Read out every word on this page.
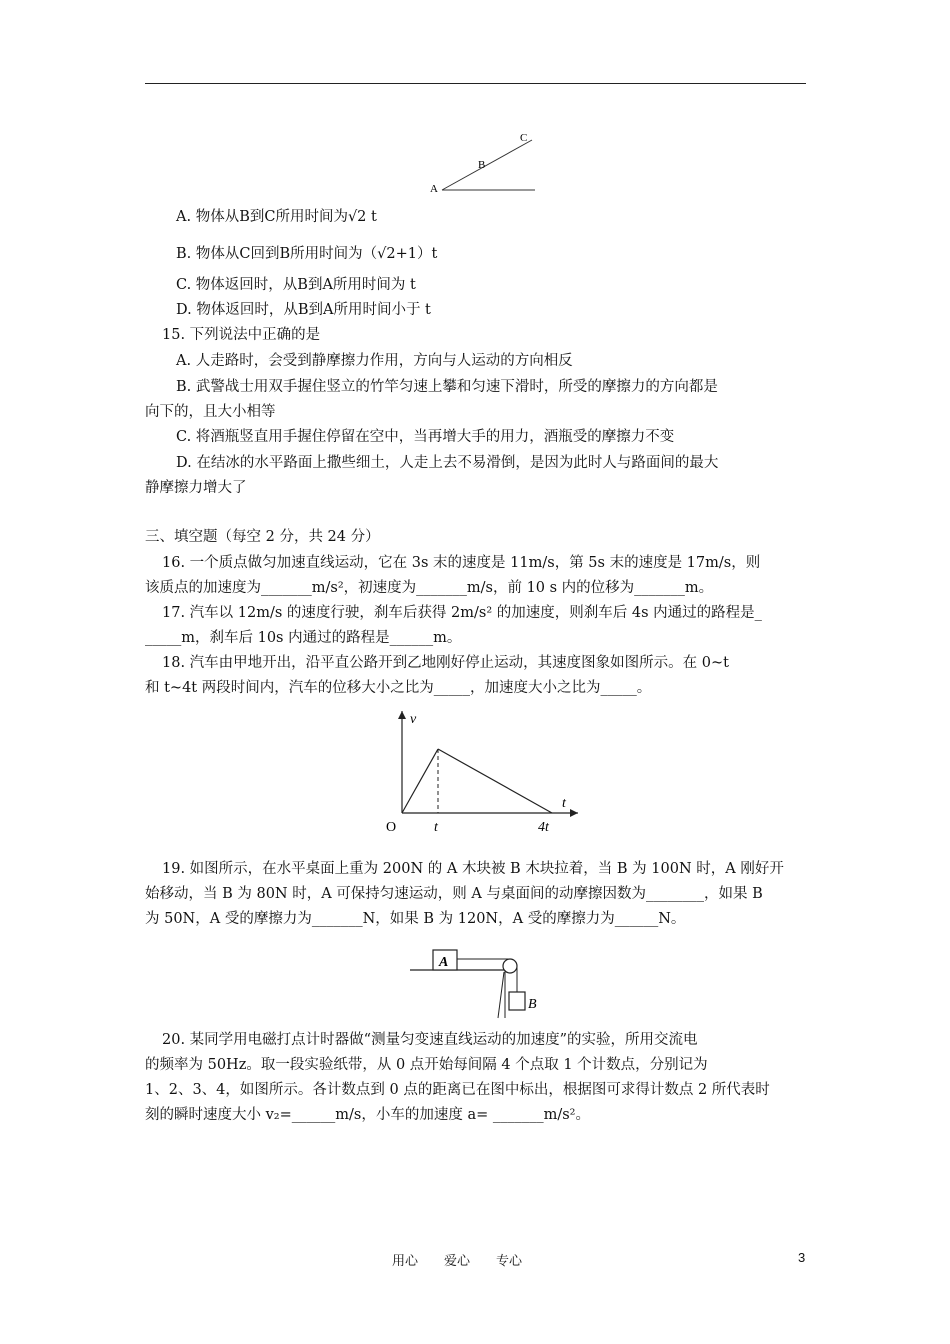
A
B
C
A. 物体从B到C所用时间为√2 t
B. 物体从C回到B所用时间为（√2+1）t
C. 物体返回时，从B到A所用时间为 t
D. 物体返回时，从B到A所用时间小于 t
15. 下列说法中正确的是
A. 人走路时，会受到静摩擦力作用，方向与人运动的方向相反
B. 武警战士用双手握住竖立的竹竿匀速上攀和匀速下滑时，所受的摩擦力的方向都是
向下的，且大小相等
C. 将酒瓶竖直用手握住停留在空中，当再增大手的用力，酒瓶受的摩擦力不变
D. 在结冰的水平路面上撒些细土，人走上去不易滑倒，是因为此时人与路面间的最大
静摩擦力增大了
三、填空题（每空 2 分，共 24 分）
16. 一个质点做匀加速直线运动，它在 3s 末的速度是 11m/s，第 5s 末的速度是 17m/s，则
该质点的加速度为_______m/s²，初速度为_______m/s，前 10 s 内的位移为_______m。
17. 汽车以 12m/s 的速度行驶，刹车后获得 2m/s² 的加速度，则刹车后 4s 内通过的路程是_
_____m，刹车后 10s 内通过的路程是______m。
18. 汽车由甲地开出，沿平直公路开到乙地刚好停止运动，其速度图象如图所示。在 0~t
和 t~4t 两段时间内，汽车的位移大小之比为_____，加速度大小之比为_____。
v
t
O	t	4t
19. 如图所示，在水平桌面上重为 200N 的 A 木块被 B 木块拉着，当 B 为 100N 时，A 刚好开
始移动，当 B 为 80N 时，A 可保持匀速运动，则 A 与桌面间的动摩擦因数为________，如果 B
为 50N，A 受的摩擦力为_______N，如果 B 为 120N，A 受的摩擦力为______N。
A
B
20. 某同学用电磁打点计时器做“测量匀变速直线运动的加速度”的实验，所用交流电
的频率为 50Hz。取一段实验纸带，从 0 点开始每间隔 4 个点取 1 个计数点，分别记为
1、2、3、4，如图所示。各计数点到 0 点的距离已在图中标出，根据图可求得计数点 2 所代表时
刻的瞬时速度大小 v₂=______m/s，小车的加速度 a= _______m/s²。
用心　　爱心　　专心	3
